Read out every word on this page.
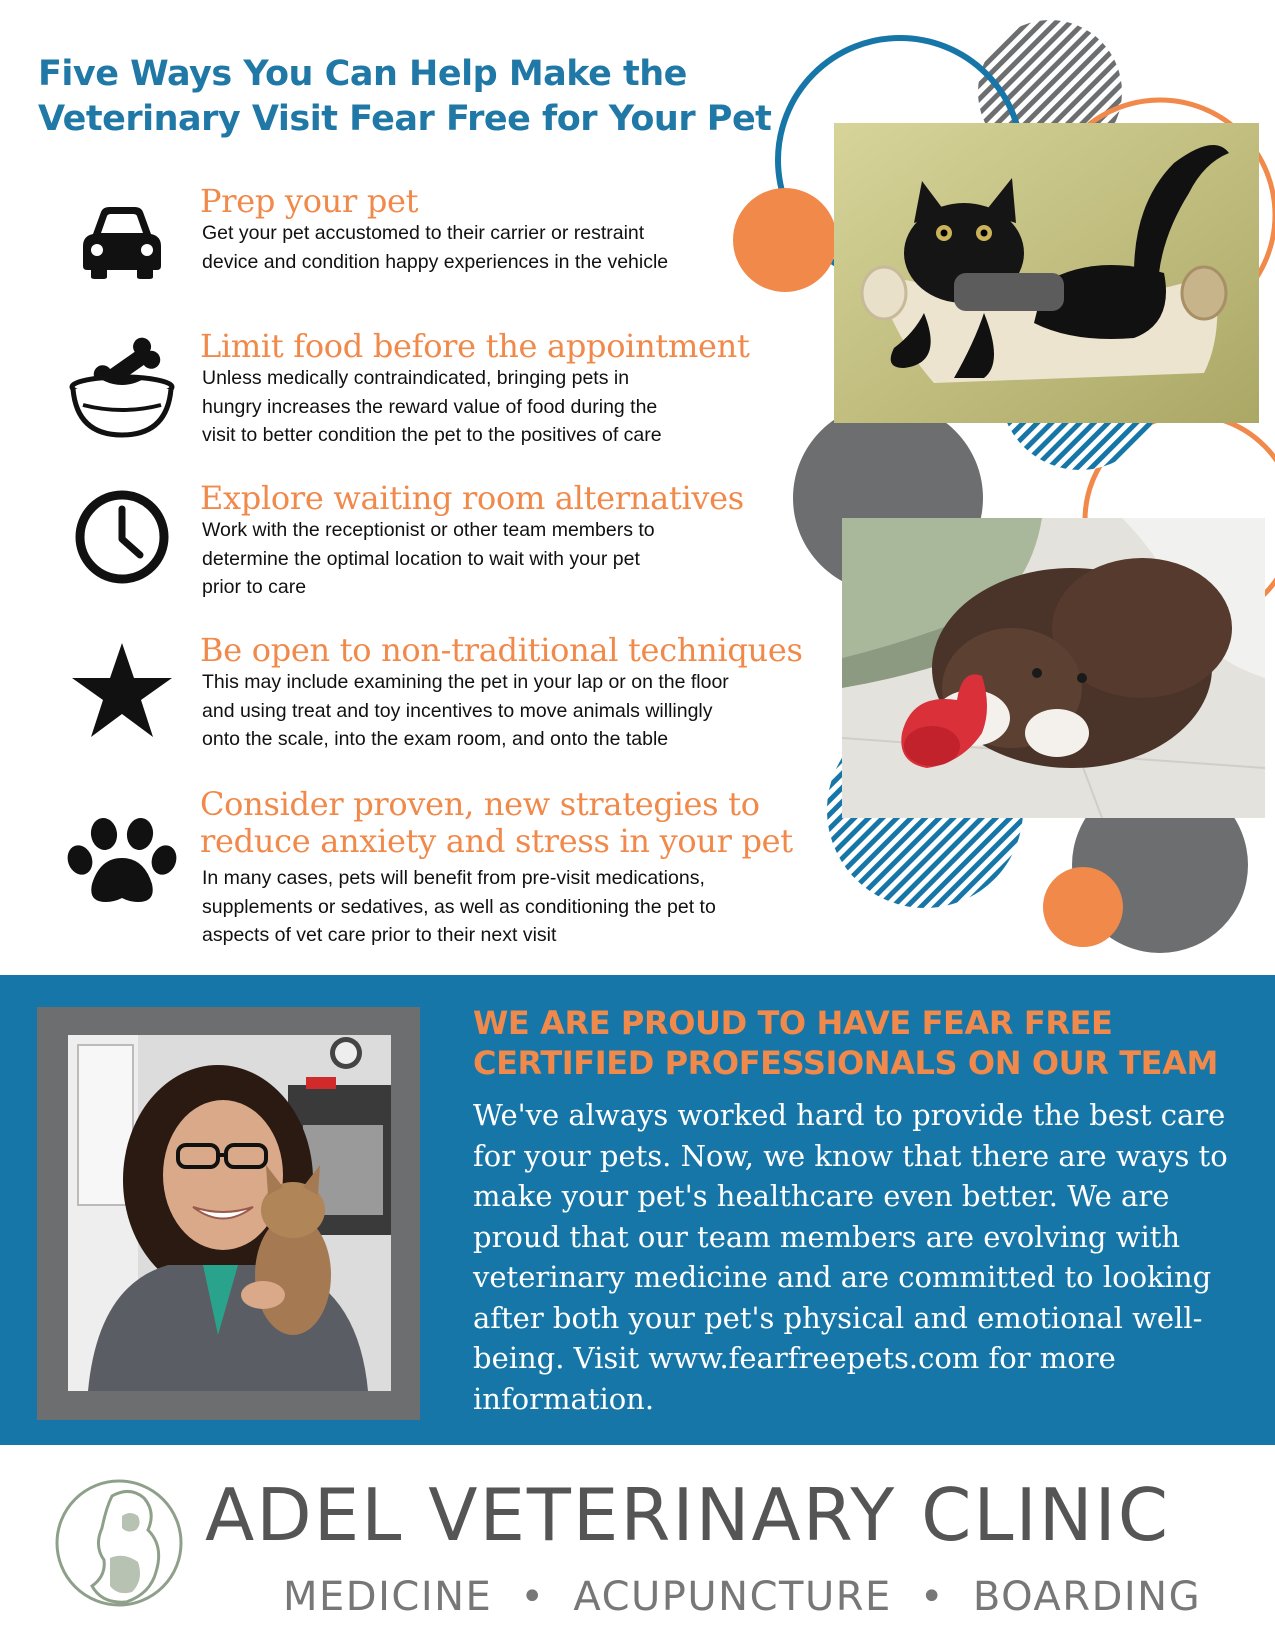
Five Ways You Can Help Make the
Veterinary Visit Fear Free for Your Pet
Prep your pet
Get your pet accustomed to their carrier or restraint
device and condition happy experiences in the vehicle
Limit food before the appointment
Unless medically contraindicated, bringing pets in
hungry increases the reward value of food during the
visit to better condition the pet to the positives of care
Explore waiting room alternatives
Work with the receptionist or other team members to
determine the optimal location to wait with your pet
prior to care
Be open to non-traditional techniques
This may include examining the pet in your lap or on the floor
and using treat and toy incentives to move animals willingly
onto the scale, into the exam room, and onto the table
Consider proven, new strategies to
reduce anxiety and stress in your pet
In many cases, pets will benefit from pre-visit medications,
supplements or sedatives, as well as conditioning the pet to
aspects of vet care prior to their next visit
WE ARE PROUD TO HAVE FEAR FREE
CERTIFIED PROFESSIONALS ON OUR TEAM
We've always worked hard to provide the best care
for your pets. Now, we know that there are ways to
make your pet's healthcare even better. We are
proud that our team members are evolving with
veterinary medicine and are committed to looking
after both your pet's physical and emotional well-
being. Visit www.fearfreepets.com for more
information.
ADEL VETERINARY CLINIC
MEDICINE • ACUPUNCTURE • BOARDING
